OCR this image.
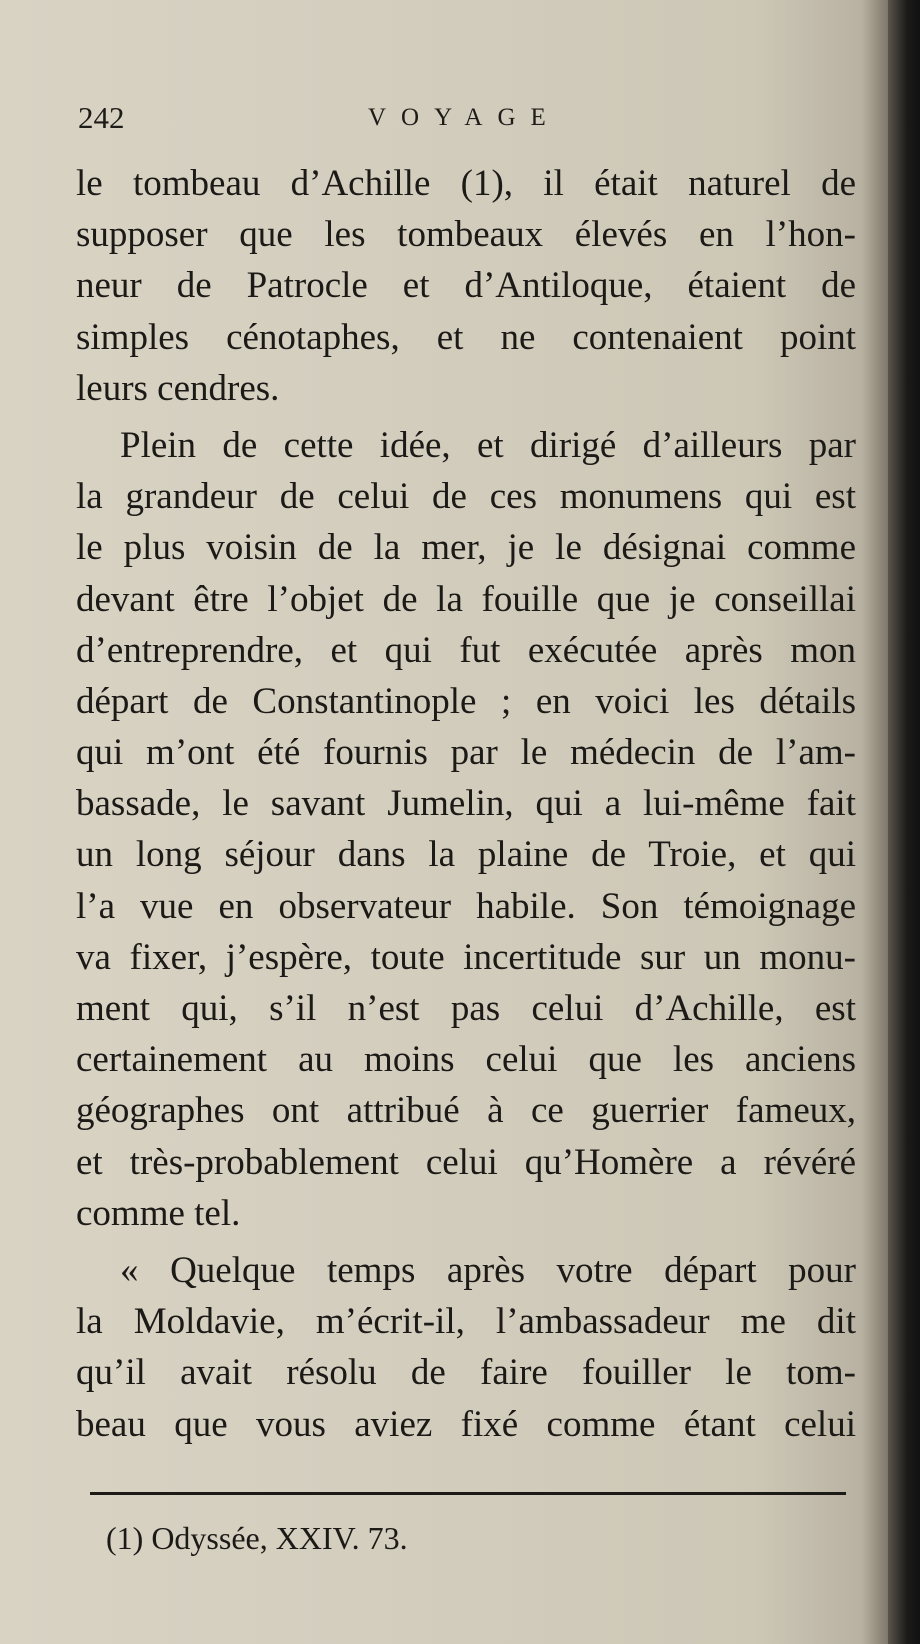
242	VOYAGE

le tombeau d’Achille (1), il était naturel de
supposer que les tombeaux élevés en l’hon-
neur de Patrocle et d’Antiloque, étaient de
simples cénotaphes, et ne contenaient point
leurs cendres.

Plein de cette idée, et dirigé d’ailleurs par
la grandeur de celui de ces monumens qui est
le plus voisin de la mer, je le désignai comme
devant être l’objet de la fouille que je conseillai
d’entreprendre, et qui fut exécutée après mon
départ de Constantinople ; en voici les détails
qui m’ont été fournis par le médecin de l’am-
bassade, le savant Jumelin, qui a lui-même fait
un long séjour dans la plaine de Troie, et qui
l’a vue en observateur habile. Son témoignage
va fixer, j’espère, toute incertitude sur un monu-
ment qui, s’il n’est pas celui d’Achille, est
certainement au moins celui que les anciens
géographes ont attribué à ce guerrier fameux,
et très-probablement celui qu’Homère a révéré
comme tel.

« Quelque temps après votre départ pour
la Moldavie, m’écrit-il, l’ambassadeur me dit
qu’il avait résolu de faire fouiller le tom-
beau que vous aviez fixé comme étant celui

(1) Odyssée, XXIV. 73.
